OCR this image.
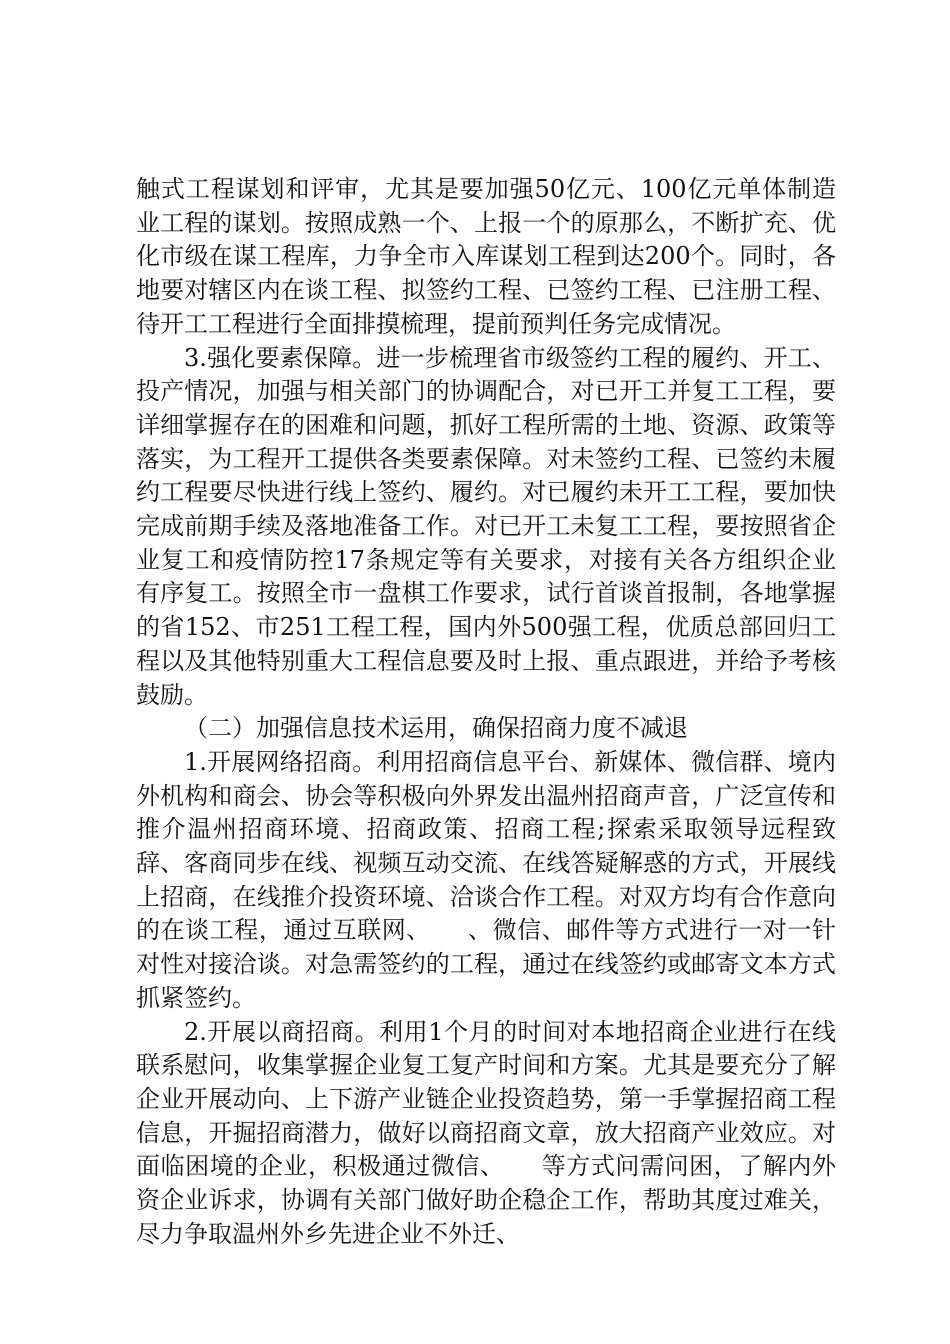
触式工程谋划和评审，尤其是要加强50亿元、100亿元单体制造业工程的谋划。按照成熟一个、上报一个的原那么，不断扩充、优化市级在谋工程库，力争全市入库谋划工程到达200个。同时，各地要对辖区内在谈工程、拟签约工程、已签约工程、已注册工程、待开工工程进行全面排摸梳理，提前预判任务完成情况。

3.强化要素保障。进一步梳理省市级签约工程的履约、开工、投产情况，加强与相关部门的协调配合，对已开工并复工工程，要详细掌握存在的困难和问题，抓好工程所需的土地、资源、政策等落实，为工程开工提供各类要素保障。对未签约工程、已签约未履约工程要尽快进行线上签约、履约。对已履约未开工工程，要加快完成前期手续及落地准备工作。对已开工未复工工程，要按照省企业复工和疫情防控17条规定等有关要求，对接有关各方组织企业有序复工。按照全市一盘棋工作要求，试行首谈首报制，各地掌握的省152、市251工程工程，国内外500强工程，优质总部回归工程以及其他特别重大工程信息要及时上报、重点跟进，并给予考核鼓励。

（二）加强信息技术运用，确保招商力度不减退

1.开展网络招商。利用招商信息平台、新媒体、微信群、境内外机构和商会、协会等积极向外界发出温州招商声音，广泛宣传和推介温州招商环境、招商政策、招商工程;探索采取领导远程致辞、客商同步在线、视频互动交流、在线答疑解惑的方式，开展线上招商，在线推介投资环境、洽谈合作工程。对双方均有合作意向的在谈工程，通过互联网、　　、微信、邮件等方式进行一对一针对性对接洽谈。对急需签约的工程，通过在线签约或邮寄文本方式抓紧签约。

2.开展以商招商。利用1个月的时间对本地招商企业进行在线联系慰问，收集掌握企业复工复产时间和方案。尤其是要充分了解企业开展动向、上下游产业链企业投资趋势，第一手掌握招商工程信息，开掘招商潜力，做好以商招商文章，放大招商产业效应。对面临困境的企业，积极通过微信、　　等方式问需问困，了解内外资企业诉求，协调有关部门做好助企稳企工作，帮助其度过难关，尽力争取温州外乡先进企业不外迁、
